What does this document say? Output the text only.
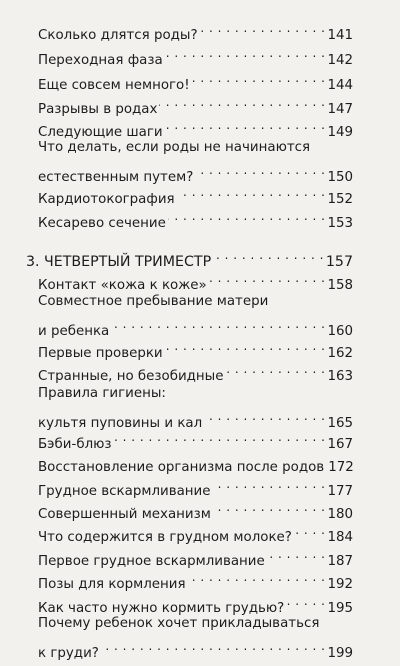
Сколько длятся роды? . . .	141
Переходная фаза . . .	142
Еще совсем немного! . . .	144
Разрывы в родах . . .	147
Следующие шаги . . .	149
Что делать, если роды не начинаются
естественным путем? . . .	150
Кардиотокография . . .	152
Кесарево сечение . . .	153
3. ЧЕТВЕРТЫЙ ТРИМЕСТР . . .	157
Контакт «кожа к коже» . . .	158
Совместное пребывание матери
и ребенка . . .	160
Первые проверки . . .	162
Странные, но безобидные . . .	163
Правила гигиены:
культя пуповины и кал . . .	165
Бэби-блюз . . .	167
Восстановление организма после родов 172
Грудное вскармливание . . .	177
Совершенный механизм . . .	180
Что содержится в грудном молоке? . . .	184
Первое грудное вскармливание . . .	187
Позы для кормления . . .	192
Как часто нужно кормить грудью? . . .	195
Почему ребенок хочет прикладываться
к груди? . . .	199
